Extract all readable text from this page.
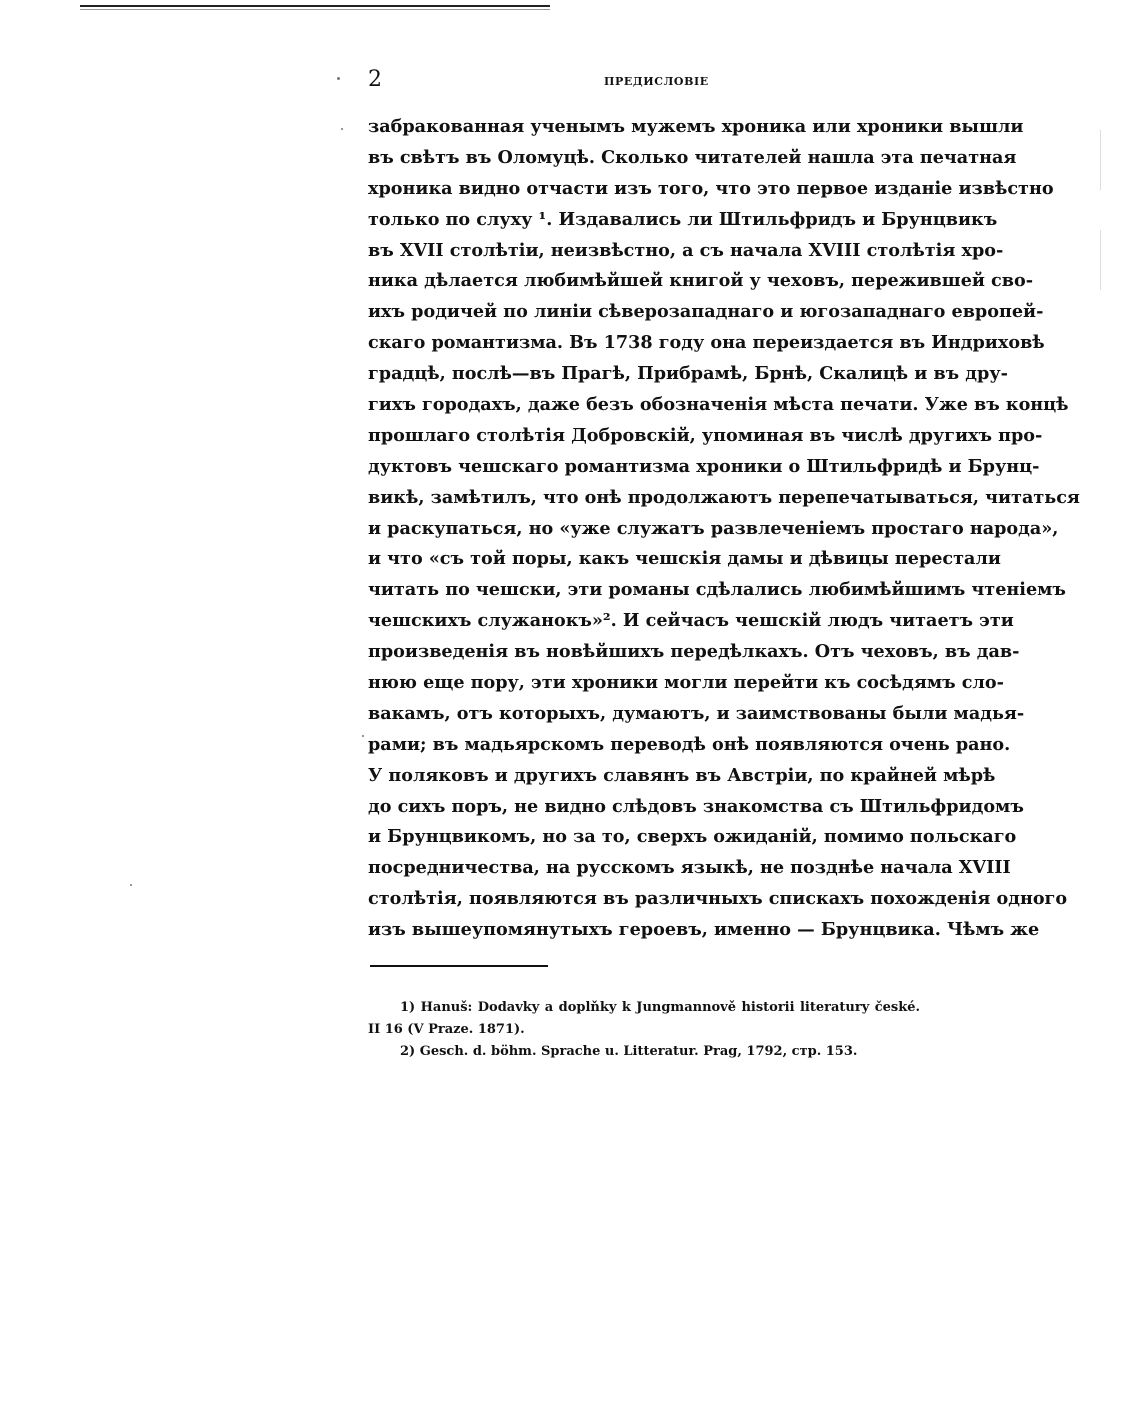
2	ПРЕДИСЛОВІЕ
забракованная ученымъ мужемъ хроника или хроники вышли
въ свѣтъ въ Оломуцѣ. Сколько читателей нашла эта печатная
хроника видно отчасти изъ того, что это первое изданіе извѣстно
только по слуху ¹. Издавались ли Штильфридъ и Брунцвикъ
въ XVII столѣтіи, неизвѣстно, а съ начала XVIII столѣтія хро-
ника дѣлается любимѣйшей книгой у чеховъ, пережившей сво-
ихъ родичей по линіи сѣверозападнаго и югозападнаго европей-
скаго романтизма. Въ 1738 году она переиздается въ Индриховѣ
градцѣ, послѣ—въ Прагѣ, Прибрамѣ, Брнѣ, Скалицѣ и въ дру-
гихъ городахъ, даже безъ обозначенія мѣста печати. Уже въ концѣ
прошлаго столѣтія Добровскій, упоминая въ числѣ другихъ про-
дуктовъ чешскаго романтизма хроники о Штильфридѣ и Брунц-
викѣ, замѣтилъ, что онѣ продолжаютъ перепечатываться, читаться
и раскупаться, но «уже служатъ развлеченіемъ простаго народа»,
и что «съ той поры, какъ чешскія дамы и дѣвицы перестали
читать по чешски, эти романы сдѣлались любимѣйшимъ чтеніемъ
чешскихъ служанокъ»². И сейчасъ чешскій людъ читаетъ эти
произведенія въ новѣйшихъ передѣлкахъ. Отъ чеховъ, въ дав-
нюю еще пору, эти хроники могли перейти къ сосѣдямъ сло-
вакамъ, отъ которыхъ, думаютъ, и заимствованы были мадья-
рами; въ мадьярскомъ переводѣ онѣ появляются очень рано.
У поляковъ и другихъ славянъ въ Австріи, по крайней мѣрѣ
до сихъ поръ, не видно слѣдовъ знакомства съ Штильфридомъ
и Брунцвикомъ, но за то, сверхъ ожиданій, помимо польскаго
посредничества, на русскомъ языкѣ, не позднѣе начала XVIII
столѣтія, появляются въ различныхъ спискахъ похожденія одного
изъ вышеупомянутыхъ героевъ, именно — Брунцвика. Чѣмъ же
1) Hanuš: Dodavky a doplňky k Jungmannově historii literatury české.
II 16 (V Praze. 1871).
2) Gesch. d. böhm. Sprache u. Litteratur. Prag, 1792, стр. 153.
